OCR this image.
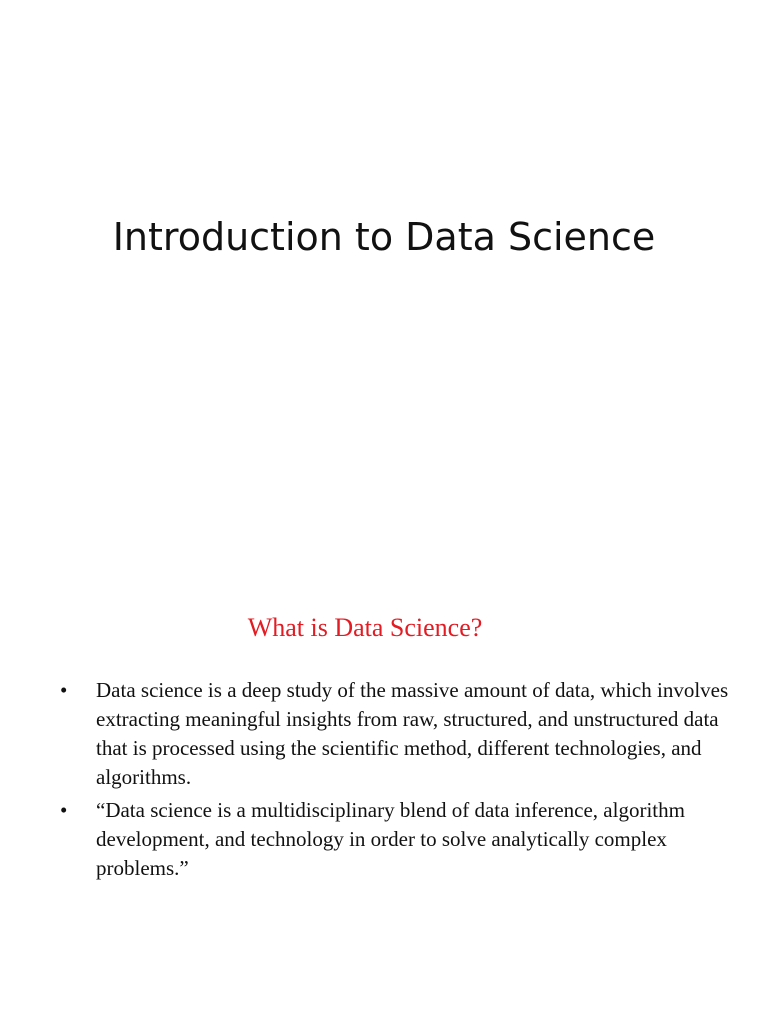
Introduction to Data Science
What is Data Science?
•	Data science is a deep study of the massive amount of data, which involves extracting meaningful insights from raw, structured, and unstructured data that is processed using the scientific method, different technologies, and algorithms.
•	“Data science is a multidisciplinary blend of data inference, algorithm development, and technology in order to solve analytically complex problems.”
